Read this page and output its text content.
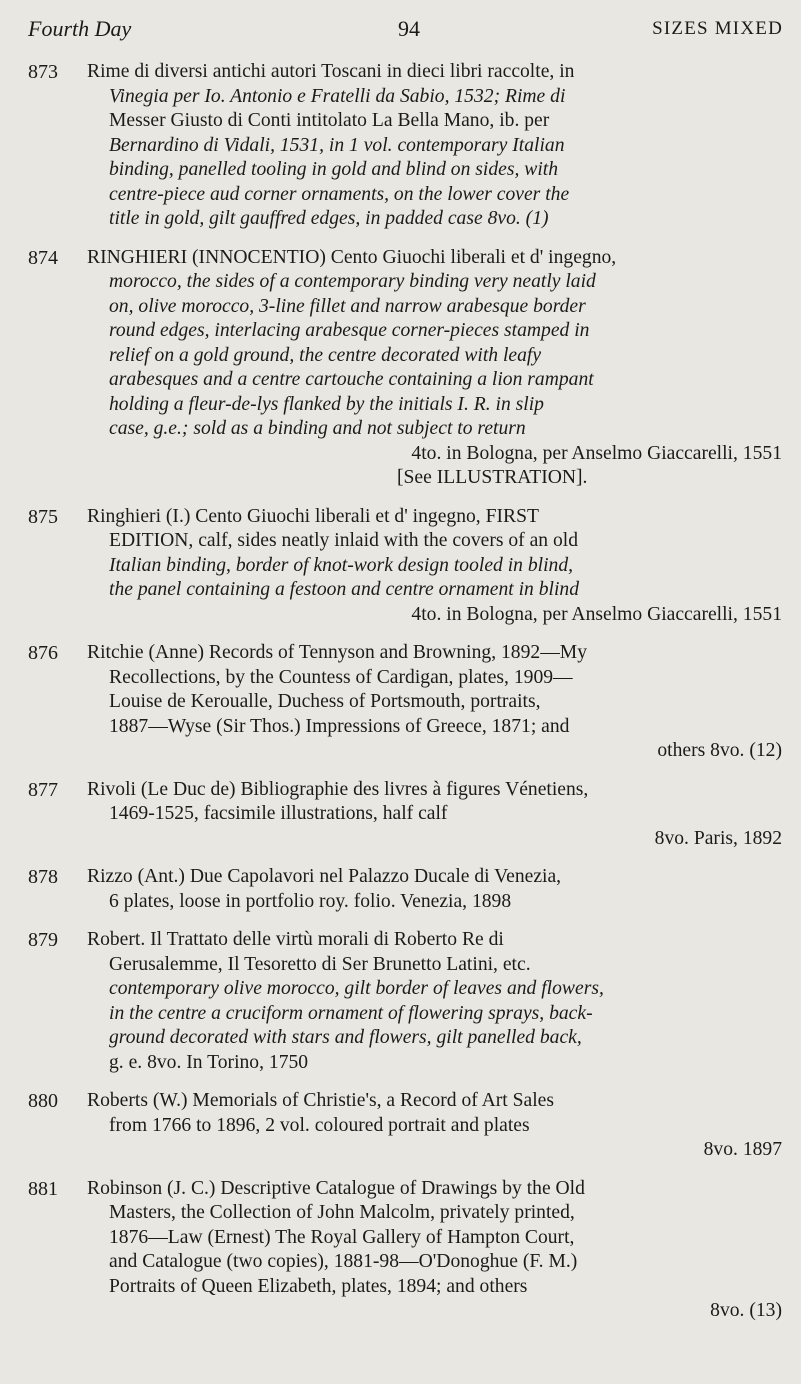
Fourth Day	94	SIZES MIXED
873	Rime di diversi antichi autori Toscani in dieci libri raccolte, in

Vinegia per Io. Antonio e Fratelli da Sabio, 1532; Rime di
Messer Giusto di Conti intitolato La Bella Mano, ib. per
Bernardino di Vidali, 1531, in 1 vol. contemporary Italian
binding, panelled tooling in gold and blind on sides, with
centre-piece aud corner ornaments, on the lower cover the
title in gold, gilt gauffred edges, in padded case 8vo. (1)
874	RINGHIERI (INNOCENTIO) Cento Giuochi liberali et d' ingegno,

morocco, the sides of a contemporary binding very neatly laid
on, olive morocco, 3-line fillet and narrow arabesque border
round edges, interlacing arabesque corner-pieces stamped in
relief on a gold ground, the centre decorated with leafy
arabesques and a centre cartouche containing a lion rampant
holding a fleur-de-lys flanked by the initials I. R. in slip
case, g.e.; sold as a binding and not subject to return
4to. in Bologna, per Anselmo Giaccarelli, 1551
[See ILLUSTRATION].
875	Ringhieri (I.) Cento Giuochi liberali et d' ingegno, FIRST

EDITION, calf, sides neatly inlaid with the covers of an old
Italian binding, border of knot-work design tooled in blind,
the panel containing a festoon and centre ornament in blind
4to. in Bologna, per Anselmo Giaccarelli, 1551
876	Ritchie (Anne) Records of Tennyson and Browning, 1892—My

Recollections, by the Countess of Cardigan, plates, 1909—
Louise de Keroualle, Duchess of Portsmouth, portraits,
1887—Wyse (Sir Thos.) Impressions of Greece, 1871; and
others 8vo. (12)
877	Rivoli (Le Duc de) Bibliographie des livres à figures Vénetiens,

1469-1525, facsimile illustrations, half calf
8vo. Paris, 1892
878	Rizzo (Ant.) Due Capolavori nel Palazzo Ducale di Venezia,

6 plates, loose in portfolio roy. folio. Venezia, 1898
879	Robert. Il Trattato delle virtù morali di Roberto Re di

Gerusalemme, Il Tesoretto di Ser Brunetto Latini, etc.
contemporary olive morocco, gilt border of leaves and flowers,
in the centre a cruciform ornament of flowering sprays, back-
ground decorated with stars and flowers, gilt panelled back,
g. e. 8vo. In Torino, 1750
880	Roberts (W.) Memorials of Christie's, a Record of Art Sales

from 1766 to 1896, 2 vol. coloured portrait and plates
8vo. 1897
881	Robinson (J. C.) Descriptive Catalogue of Drawings by the Old

Masters, the Collection of John Malcolm, privately printed,
1876—Law (Ernest) The Royal Gallery of Hampton Court,
and Catalogue (two copies), 1881-98—O'Donoghue (F. M.)
Portraits of Queen Elizabeth, plates, 1894; and others
8vo. (13)
